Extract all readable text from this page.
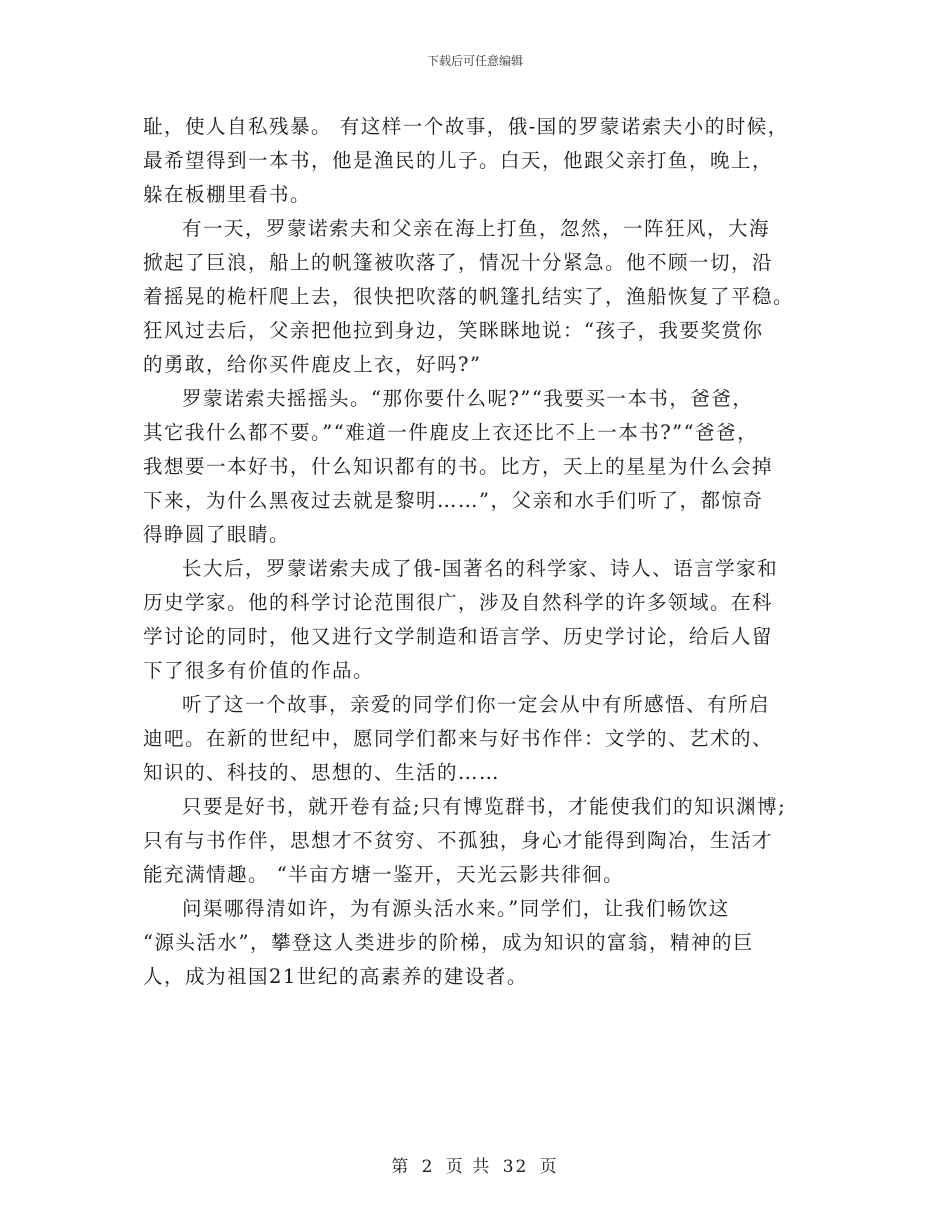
下载后可任意编辑
耻，使人自私残暴。 有这样一个故事，俄-国的罗蒙诺索夫小的时候，
最希望得到一本书，他是渔民的儿子。白天，他跟父亲打鱼，晚上，
躲在板棚里看书。
有一天，罗蒙诺索夫和父亲在海上打鱼，忽然，一阵狂风，大海
掀起了巨浪，船上的帆篷被吹落了，情况十分紧急。他不顾一切，沿
着摇晃的桅杆爬上去，很快把吹落的帆篷扎结实了，渔船恢复了平稳。
狂风过去后，父亲把他拉到身边，笑眯眯地说：“孩子，我要奖赏你
的勇敢，给你买件鹿皮上衣，好吗?”
罗蒙诺索夫摇摇头。“那你要什么呢?”“我要买一本书，爸爸，
其它我什么都不要。”“难道一件鹿皮上衣还比不上一本书?”“爸爸，
我想要一本好书，什么知识都有的书。比方，天上的星星为什么会掉
下来，为什么黑夜过去就是黎明……”，父亲和水手们听了，都惊奇
得睁圆了眼睛。
长大后，罗蒙诺索夫成了俄-国著名的科学家、诗人、语言学家和
历史学家。他的科学讨论范围很广，涉及自然科学的许多领域。在科
学讨论的同时，他又进行文学制造和语言学、历史学讨论，给后人留
下了很多有价值的作品。
听了这一个故事，亲爱的同学们你一定会从中有所感悟、有所启
迪吧。在新的世纪中，愿同学们都来与好书作伴：文学的、艺术的、
知识的、科技的、思想的、生活的……
只要是好书，就开卷有益;只有博览群书，才能使我们的知识渊博;
只有与书作伴，思想才不贫穷、不孤独，身心才能得到陶冶，生活才
能充满情趣。 “半亩方塘一鉴开，天光云影共徘徊。
问渠哪得清如许，为有源头活水来。”同学们，让我们畅饮这
“源头活水”，攀登这人类进步的阶梯，成为知识的富翁，精神的巨
人，成为祖国21世纪的高素养的建设者。
第 2 页 共 32 页
